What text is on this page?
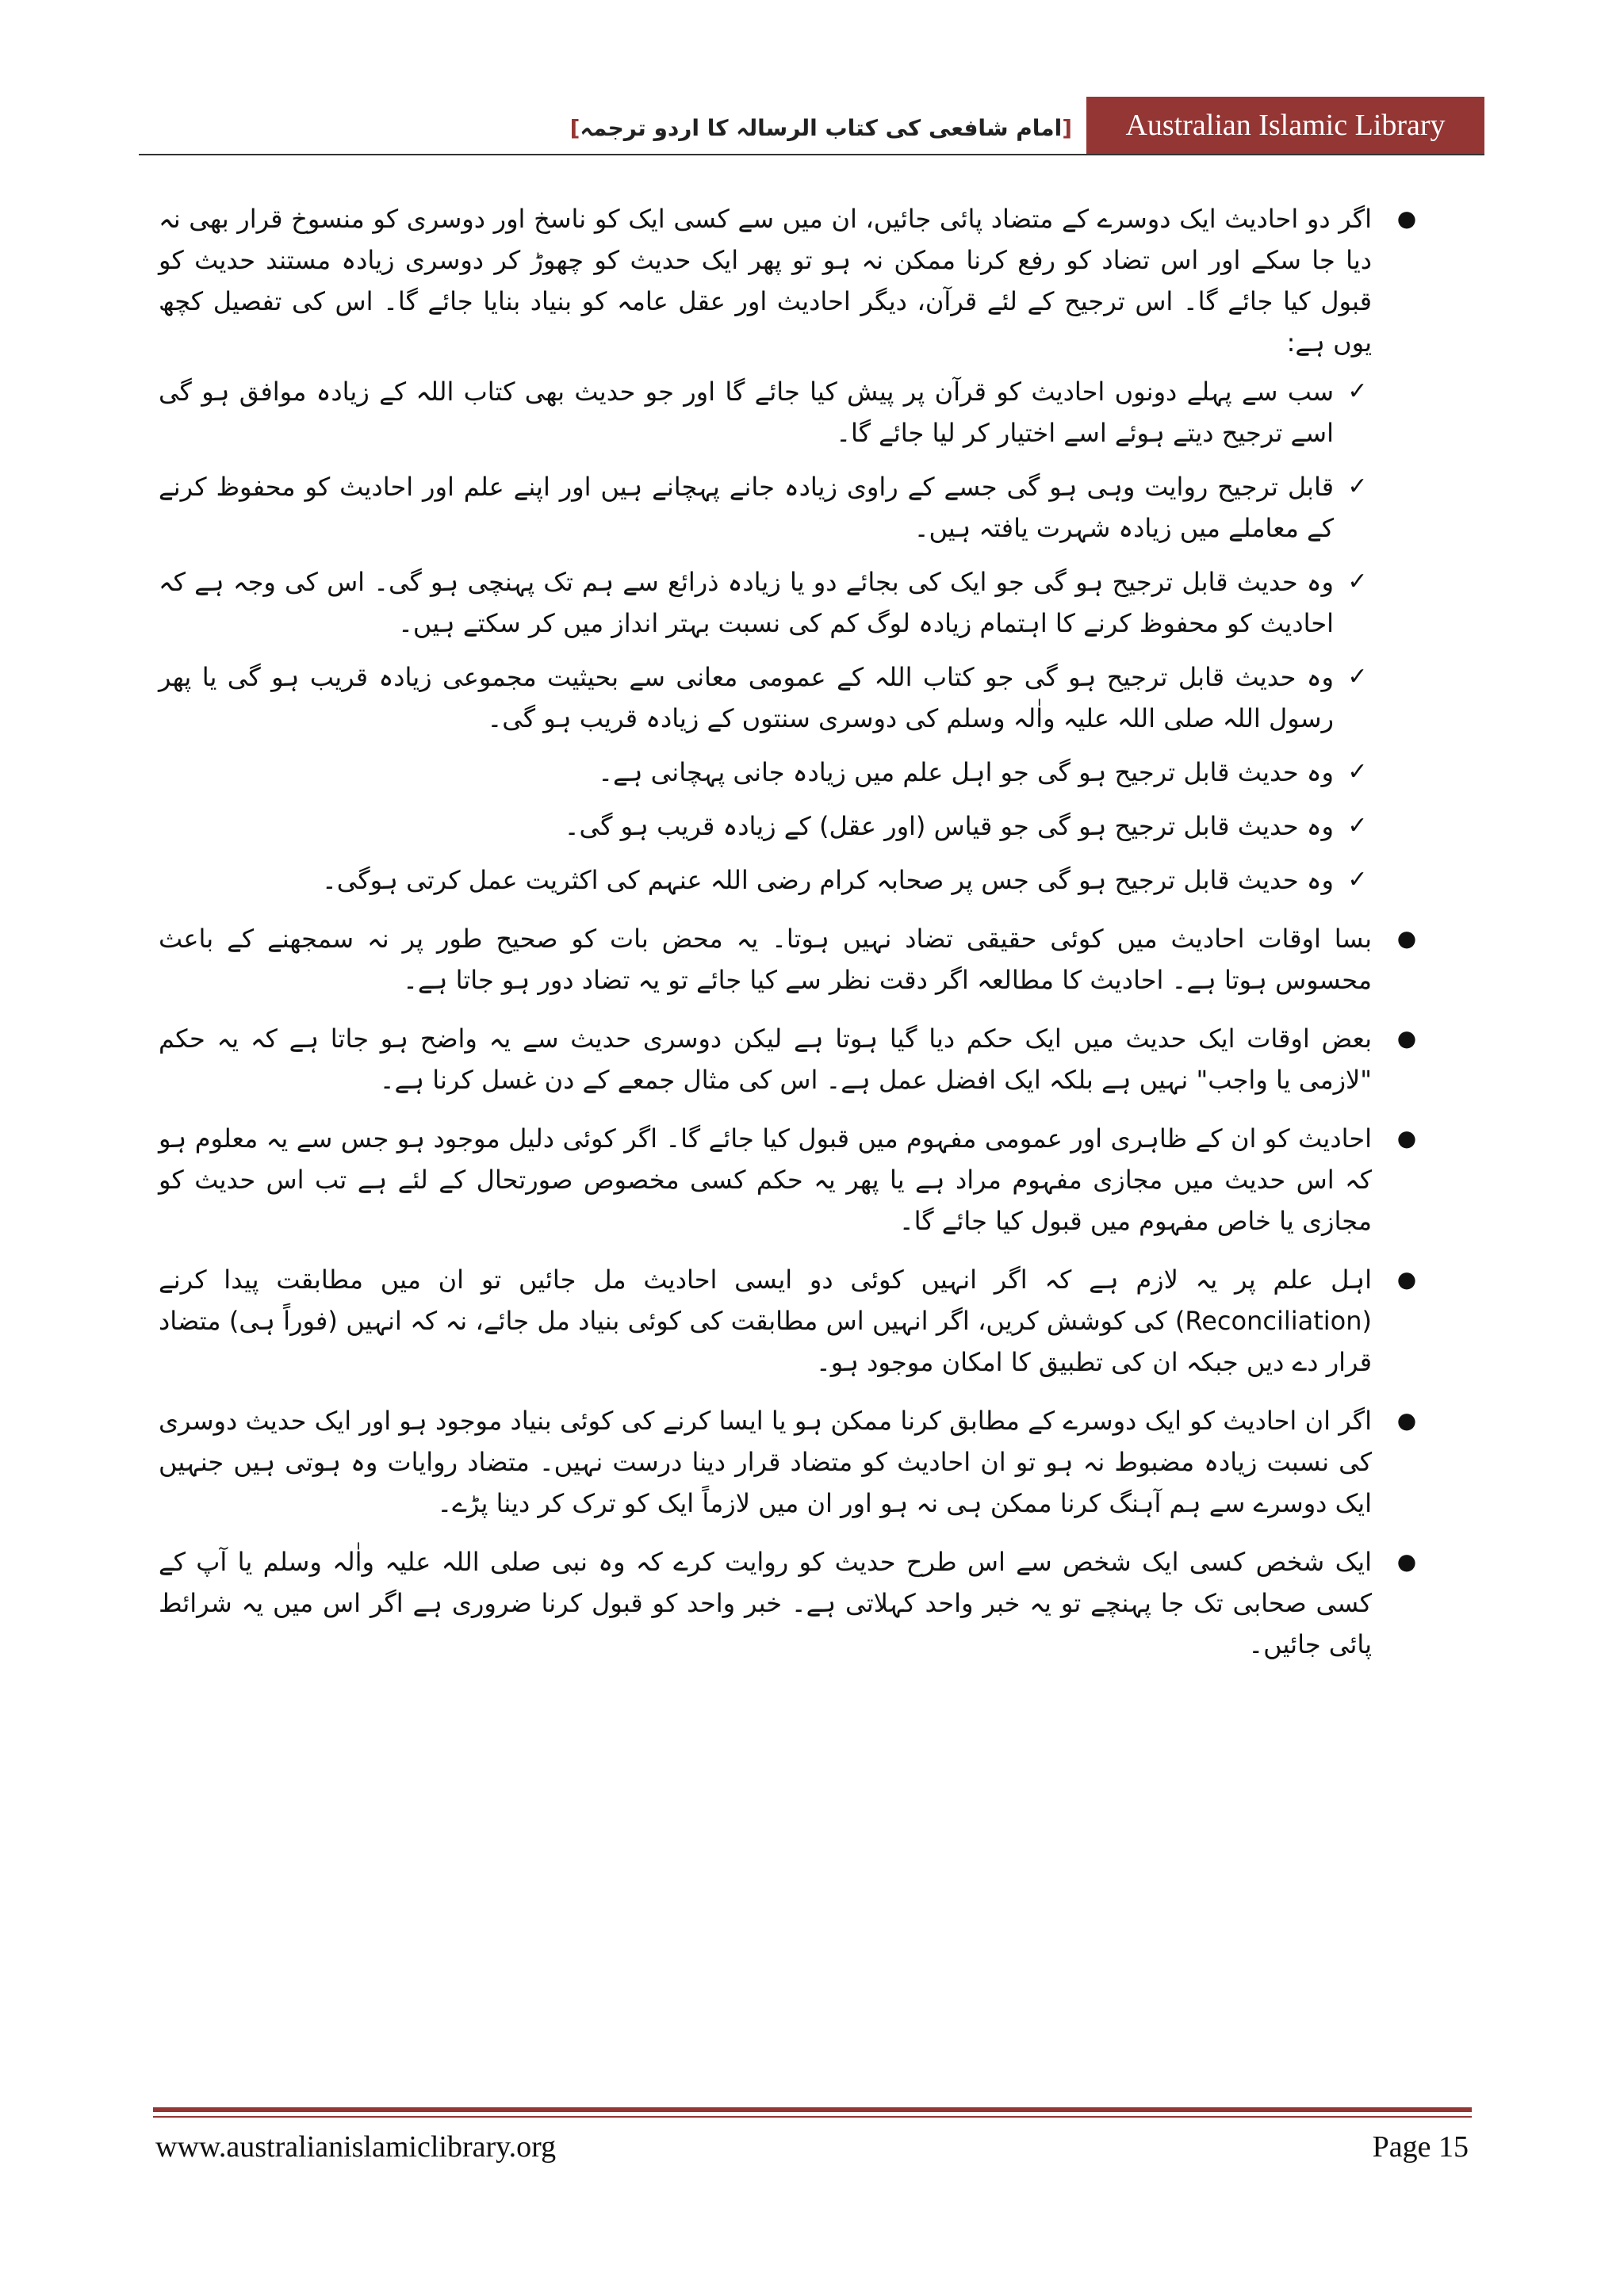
Australian Islamic Library
[امام شافعی کی کتاب الرسالہ کا اردو ترجمہ]
●
اگر دو احادیث ایک دوسرے کے متضاد پائی جائیں، ان میں سے کسی ایک کو ناسخ اور دوسری کو منسوخ قرار بھی نہ دیا جا سکے اور اس تضاد کو رفع کرنا ممکن نہ ہو تو پھر ایک حدیث کو چھوڑ کر دوسری زیادہ مستند حدیث کو قبول کیا جائے گا۔ اس ترجیح کے لئے قرآن، دیگر احادیث اور عقل عامہ کو بنیاد بنایا جائے گا۔ اس کی تفصیل کچھ یوں ہے:
✓
سب سے پہلے دونوں احادیث کو قرآن پر پیش کیا جائے گا اور جو حدیث بھی کتاب اللہ کے زیادہ موافق ہو گی اسے ترجیح دیتے ہوئے اسے اختیار کر لیا جائے گا۔
✓
قابل ترجیح روایت وہی ہو گی جسے کے راوی زیادہ جانے پہچانے ہیں اور اپنے علم اور احادیث کو محفوظ کرنے کے معاملے میں زیادہ شہرت یافتہ ہیں۔
✓
وہ حدیث قابل ترجیح ہو گی جو ایک کی بجائے دو یا زیادہ ذرائع سے ہم تک پہنچی ہو گی۔ اس کی وجہ ہے کہ احادیث کو محفوظ کرنے کا اہتمام زیادہ لوگ کم کی نسبت بہتر انداز میں کر سکتے ہیں۔
✓
وہ حدیث قابل ترجیح ہو گی جو کتاب اللہ کے عمومی معانی سے بحیثیت مجموعی زیادہ قریب ہو گی یا پھر رسول اللہ صلی اللہ علیہ واٰلہ وسلم کی دوسری سنتوں کے زیادہ قریب ہو گی۔
✓
وہ حدیث قابل ترجیح ہو گی جو اہل علم میں زیادہ جانی پہچانی ہے۔
✓
وہ حدیث قابل ترجیح ہو گی جو قیاس (اور عقل) کے زیادہ قریب ہو گی۔
✓
وہ حدیث قابل ترجیح ہو گی جس پر صحابہ کرام رضی اللہ عنہم کی اکثریت عمل کرتی ہوگی۔
●
بسا اوقات احادیث میں کوئی حقیقی تضاد نہیں ہوتا۔ یہ محض بات کو صحیح طور پر نہ سمجھنے کے باعث محسوس ہوتا ہے۔ احادیث کا مطالعہ اگر دقت نظر سے کیا جائے تو یہ تضاد دور ہو جاتا ہے۔
●
بعض اوقات ایک حدیث میں ایک حکم دیا گیا ہوتا ہے لیکن دوسری حدیث سے یہ واضح ہو جاتا ہے کہ یہ حکم "لازمی یا واجب" نہیں ہے بلکہ ایک افضل عمل ہے۔ اس کی مثال جمعے کے دن غسل کرنا ہے۔
●
احادیث کو ان کے ظاہری اور عمومی مفہوم میں قبول کیا جائے گا۔ اگر کوئی دلیل موجود ہو جس سے یہ معلوم ہو کہ اس حدیث میں مجازی مفہوم مراد ہے یا پھر یہ حکم کسی مخصوص صورتحال کے لئے ہے تب اس حدیث کو مجازی یا خاص مفہوم میں قبول کیا جائے گا۔
●
اہل علم پر یہ لازم ہے کہ اگر انہیں کوئی دو ایسی احادیث مل جائیں تو ان میں مطابقت پیدا کرنے (Reconciliation) کی کوشش کریں، اگر انہیں اس مطابقت کی کوئی بنیاد مل جائے، نہ کہ انہیں (فوراً ہی) متضاد قرار دے دیں جبکہ ان کی تطبیق کا امکان موجود ہو۔
●
اگر ان احادیث کو ایک دوسرے کے مطابق کرنا ممکن ہو یا ایسا کرنے کی کوئی بنیاد موجود ہو اور ایک حدیث دوسری کی نسبت زیادہ مضبوط نہ ہو تو ان احادیث کو متضاد قرار دینا درست نہیں۔ متضاد روایات وہ ہوتی ہیں جنہیں ایک دوسرے سے ہم آہنگ کرنا ممکن ہی نہ ہو اور ان میں لازماً ایک کو ترک کر دینا پڑے۔
●
ایک شخص کسی ایک شخص سے اس طرح حدیث کو روایت کرے کہ وہ نبی صلی اللہ علیہ واٰلہ وسلم یا آپ کے کسی صحابی تک جا پہنچے تو یہ خبر واحد کہلاتی ہے۔ خبر واحد کو قبول کرنا ضروری ہے اگر اس میں یہ شرائط پائی جائیں۔
www.australianislamiclibrary.org	Page 15
